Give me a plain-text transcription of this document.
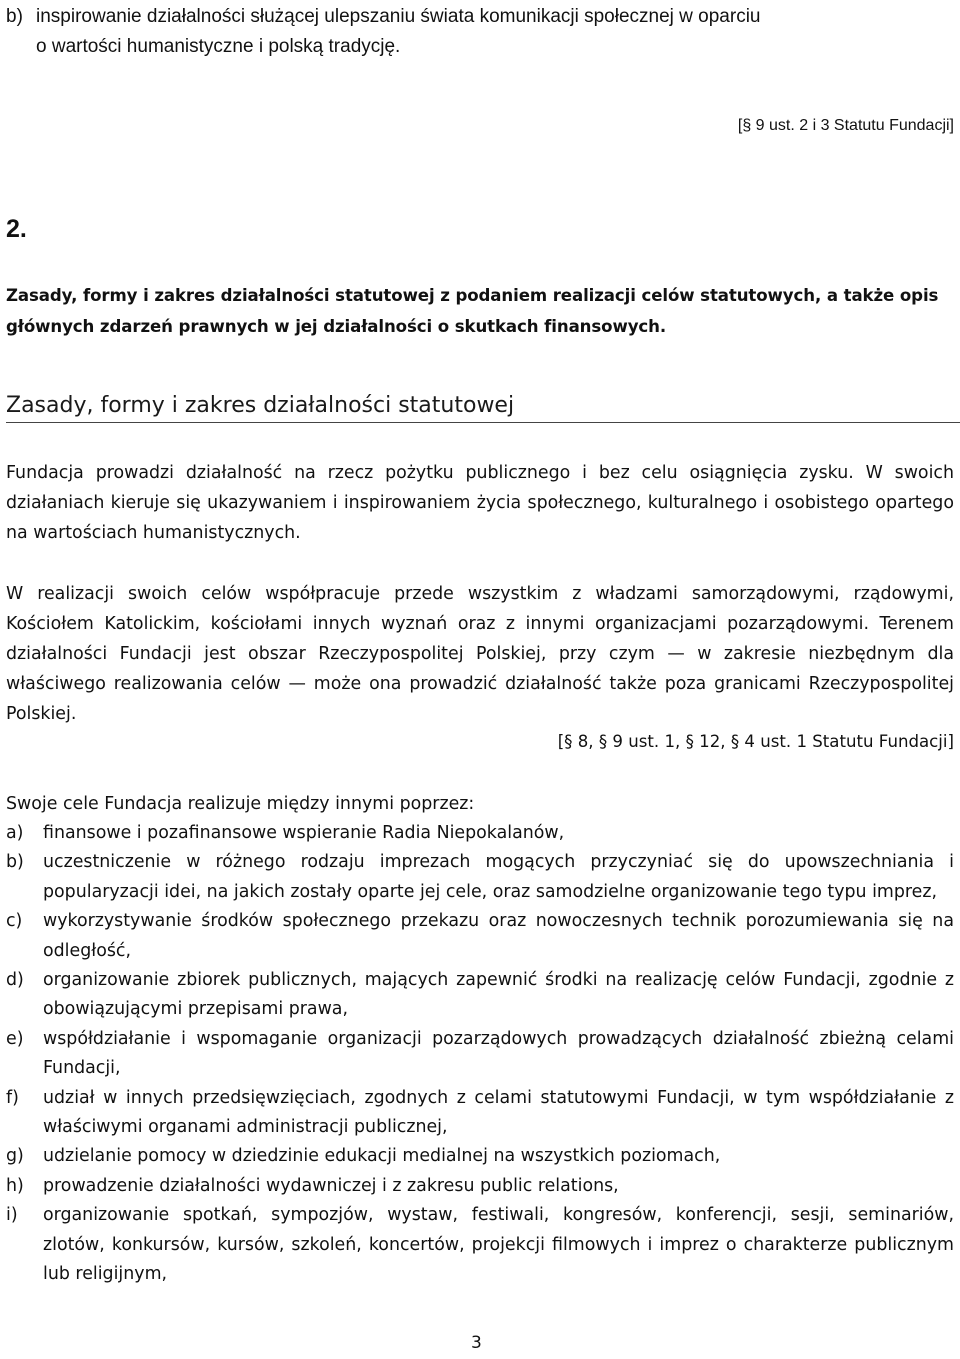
b) inspirowanie działalności służącej ulepszaniu świata komunikacji społecznej w oparciu
o wartości humanistyczne i polską tradycję.
[§ 9 ust. 2 i 3 Statutu Fundacji]
2.
Zasady, formy i zakres działalności statutowej z podaniem realizacji celów statutowych, a także opis głównych zdarzeń prawnych w jej działalności o skutkach finansowych.
Zasady, formy i zakres działalności statutowej
Fundacja prowadzi działalność na rzecz pożytku publicznego i bez celu osiągnięcia zysku. W swoich działaniach kieruje się ukazywaniem i inspirowaniem życia społecznego, kulturalnego i osobistego opartego na wartościach humanistycznych.
W realizacji swoich celów współpracuje przede wszystkim z władzami samorządowymi, rządowymi, Kościołem Katolickim, kościołami innych wyznań oraz z innymi organizacjami pozarządowymi. Terenem działalności Fundacji jest obszar Rzeczypospolitej Polskiej, przy czym — w zakresie niezbędnym dla właściwego realizowania celów — może ona prowadzić działalność także poza granicami Rzeczypospolitej Polskiej.
[§ 8, § 9 ust. 1, § 12, § 4 ust. 1 Statutu Fundacji]
Swoje cele Fundacja realizuje między innymi poprzez:
a) finansowe i pozafinansowe wspieranie Radia Niepokalanów,
b) uczestniczenie w różnego rodzaju imprezach mogących przyczyniać się do upowszechniania i popularyzacji idei, na jakich zostały oparte jej cele, oraz samodzielne organizowanie tego typu imprez,
c) wykorzystywanie środków społecznego przekazu oraz nowoczesnych technik porozumiewania się na odległość,
d) organizowanie zbiorek publicznych, mających zapewnić środki na realizację celów Fundacji, zgodnie z obowiązującymi przepisami prawa,
e) współdziałanie i wspomaganie organizacji pozarządowych prowadzących działalność zbieżną celami Fundacji,
f) udział w innych przedsięwzięciach, zgodnych z celami statutowymi Fundacji, w tym współdziałanie z właściwymi organami administracji publicznej,
g) udzielanie pomocy w dziedzinie edukacji medialnej na wszystkich poziomach,
h) prowadzenie działalności wydawniczej i z zakresu public relations,
i) organizowanie spotkań, sympozjów, wystaw, festiwali, kongresów, konferencji, sesji, seminariów, zlotów, konkursów, kursów, szkoleń, koncertów, projekcji filmowych i imprez o charakterze publicznym lub religijnym,
3
